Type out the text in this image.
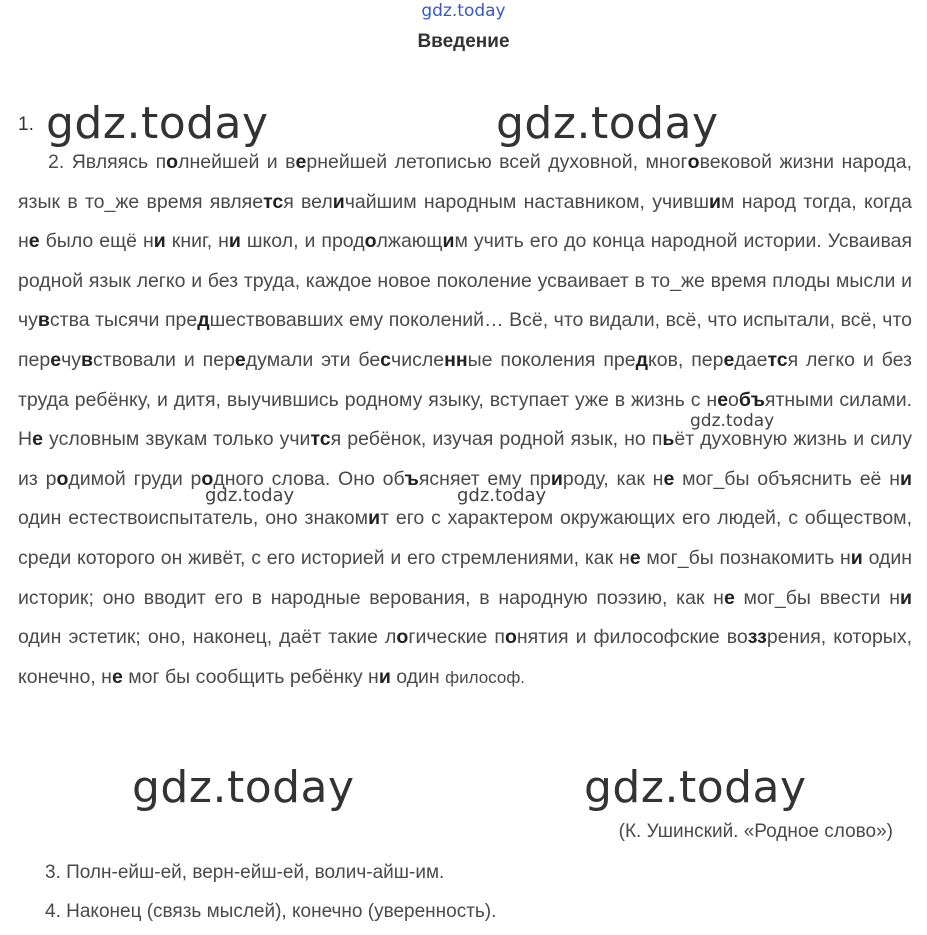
gdz.today
Введение
1. gdz.today	gdz.today

2. Являясь полнейшей и вернейшей летописью всей духовной, многовековой жизни народа, язык в то_же время является величайшим народным наставником, учившим народ тогда, когда не было ещё ни книг, ни школ, и продолжающим учить его до конца народной истории. Усваивая родной язык легко и без труда, каждое новое поколение усваивает в то_же время плоды мысли и чувства тысячи предшествовавших ему поколений… Всё, что видали, всё, что испытали, всё, что перечувствовали и передумали эти бесчисленные поколения предков, передается легко и без труда ребёнку, и дитя, выучившись родному языку, вступает уже в жизнь с необъятными силами. Не условным звукам только учится ребёнок, изучая родной язык, но пьёт духовную жизнь и силу из родимой груди родного слова. Оно объясняет ему природу, как не мог_бы объяснить её ни один естествоиспытатель, оно знакомит его с характером окружающих его людей, с обществом, среди которого он живёт, с его историей и его стремлениями, как не мог_бы познакомить ни один историк; оно вводит его в народные верования, в народную поэзию, как не мог_бы ввести ни один эстетик; оно, наконец, даёт такие логические понятия и философские воззрения, которых, конечно, не мог бы сообщить ребёнку ни один философ.

gdz.today
gdz.today	gdz.today
gdz.today	gdz.today
(К. Ушинский. «Родное слово»)
3. Полн-ейш-ей, верн-ейш-ей, волич-айш-им.
4. Наконец (связь мыслей), конечно (уверенность).
